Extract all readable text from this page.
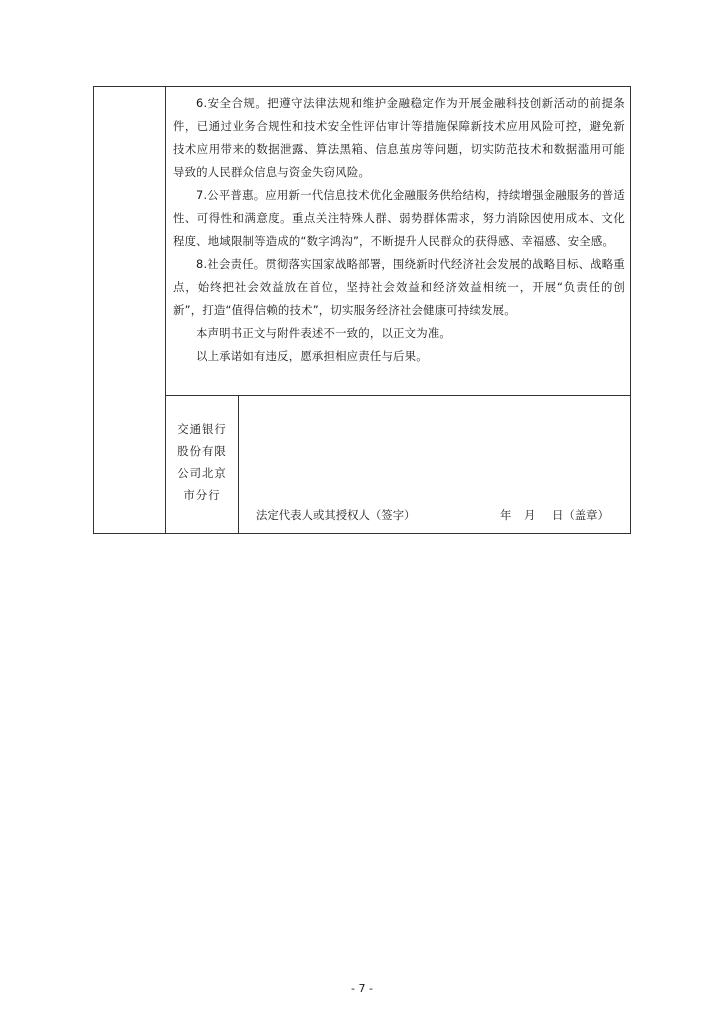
6.安全合规。把遵守法律法规和维护金融稳定作为开展金融科技创新活动的前提条件，已通过业务合规性和技术安全性评估审计等措施保障新技术应用风险可控，避免新技术应用带来的数据泄露、算法黑箱、信息茧房等问题，切实防范技术和数据滥用可能导致的人民群众信息与资金失窃风险。

7.公平普惠。应用新一代信息技术优化金融服务供给结构，持续增强金融服务的普适性、可得性和满意度。重点关注特殊人群、弱势群体需求，努力消除因使用成本、文化程度、地域限制等造成的“数字鸿沟”，不断提升人民群众的获得感、幸福感、安全感。

8.社会责任。贯彻落实国家战略部署，围绕新时代经济社会发展的战略目标、战略重点，始终把社会效益放在首位，坚持社会效益和经济效益相统一，开展“负责任的创新”，打造“值得信赖的技术”，切实服务经济社会健康可持续发展。

本声明书正文与附件表述不一致的，以正文为准。

以上承诺如有违反，愿承担相应责任与后果。

交通银行
股份有限
公司北京
市分行
法定代表人或其授权人（签字）	年 月 日（盖章）
- 7 -
